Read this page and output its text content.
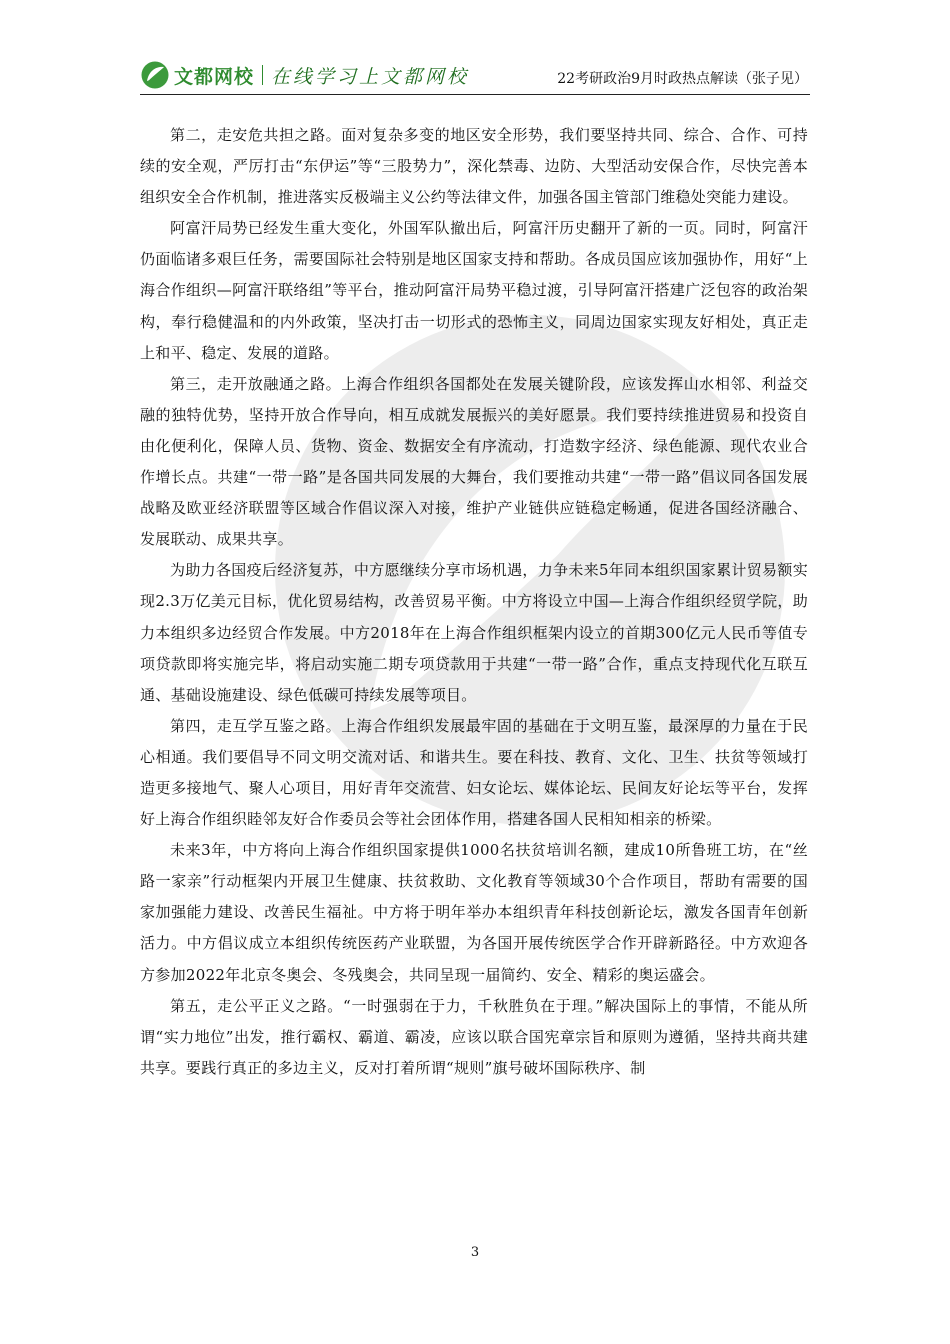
文都网校 在线学习上文都网校	22考研政治9月时政热点解读（张子见）

第二，走安危共担之路。面对复杂多变的地区安全形势，我们要坚持共同、综合、合作、可持续的安全观，严厉打击“东伊运”等“三股势力”，深化禁毒、边防、大型活动安保合作，尽快完善本组织安全合作机制，推进落实反极端主义公约等法律文件，加强各国主管部门维稳处突能力建设。

阿富汗局势已经发生重大变化，外国军队撤出后，阿富汗历史翻开了新的一页。同时，阿富汗仍面临诸多艰巨任务，需要国际社会特别是地区国家支持和帮助。各成员国应该加强协作，用好“上海合作组织—阿富汗联络组”等平台，推动阿富汗局势平稳过渡，引导阿富汗搭建广泛包容的政治架构，奉行稳健温和的内外政策，坚决打击一切形式的恐怖主义，同周边国家实现友好相处，真正走上和平、稳定、发展的道路。

第三，走开放融通之路。上海合作组织各国都处在发展关键阶段，应该发挥山水相邻、利益交融的独特优势，坚持开放合作导向，相互成就发展振兴的美好愿景。我们要持续推进贸易和投资自由化便利化，保障人员、货物、资金、数据安全有序流动，打造数字经济、绿色能源、现代农业合作增长点。共建“一带一路”是各国共同发展的大舞台，我们要推动共建“一带一路”倡议同各国发展战略及欧亚经济联盟等区域合作倡议深入对接，维护产业链供应链稳定畅通，促进各国经济融合、发展联动、成果共享。

为助力各国疫后经济复苏，中方愿继续分享市场机遇，力争未来5年同本组织国家累计贸易额实现2.3万亿美元目标，优化贸易结构，改善贸易平衡。中方将设立中国—上海合作组织经贸学院，助力本组织多边经贸合作发展。中方2018年在上海合作组织框架内设立的首期300亿元人民币等值专项贷款即将实施完毕，将启动实施二期专项贷款用于共建“一带一路”合作，重点支持现代化互联互通、基础设施建设、绿色低碳可持续发展等项目。

第四，走互学互鉴之路。上海合作组织发展最牢固的基础在于文明互鉴，最深厚的力量在于民心相通。我们要倡导不同文明交流对话、和谐共生。要在科技、教育、文化、卫生、扶贫等领域打造更多接地气、聚人心项目，用好青年交流营、妇女论坛、媒体论坛、民间友好论坛等平台，发挥好上海合作组织睦邻友好合作委员会等社会团体作用，搭建各国人民相知相亲的桥梁。

未来3年，中方将向上海合作组织国家提供1000名扶贫培训名额，建成10所鲁班工坊，在“丝路一家亲”行动框架内开展卫生健康、扶贫救助、文化教育等领域30个合作项目，帮助有需要的国家加强能力建设、改善民生福祉。中方将于明年举办本组织青年科技创新论坛，激发各国青年创新活力。中方倡议成立本组织传统医药产业联盟，为各国开展传统医学合作开辟新路径。中方欢迎各方参加2022年北京冬奥会、冬残奥会，共同呈现一届简约、安全、精彩的奥运盛会。

第五，走公平正义之路。“一时强弱在于力，千秋胜负在于理。”解决国际上的事情，不能从所谓“实力地位”出发，推行霸权、霸道、霸凌，应该以联合国宪章宗旨和原则为遵循，坚持共商共建共享。要践行真正的多边主义，反对打着所谓“规则”旗号破坏国际秩序、制

3
